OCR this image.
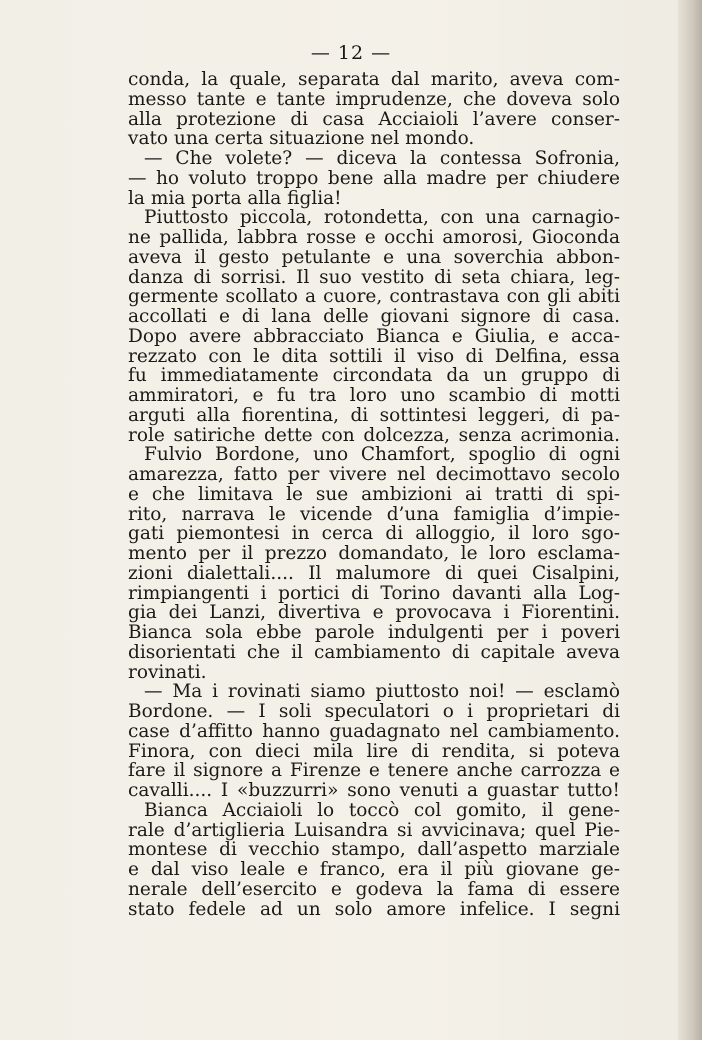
— 12 —
conda, la quale, separata dal marito, aveva com-
messo tante e tante imprudenze, che doveva solo
alla protezione di casa Acciaioli l’avere conser-
vato una certa situazione nel mondo.
— Che volete? — diceva la contessa Sofronia,
— ho voluto troppo bene alla madre per chiudere
la mia porta alla figlia!
Piuttosto piccola, rotondetta, con una carnagio-
ne pallida, labbra rosse e occhi amorosi, Gioconda
aveva il gesto petulante e una soverchia abbon-
danza di sorrisi. Il suo vestito di seta chiara, leg-
germente scollato a cuore, contrastava con gli abiti
accollati e di lana delle giovani signore di casa.
Dopo avere abbracciato Bianca e Giulia, e acca-
rezzato con le dita sottili il viso di Delfina, essa
fu immediatamente circondata da un gruppo di
ammiratori, e fu tra loro uno scambio di motti
arguti alla fiorentina, di sottintesi leggeri, di pa-
role satiriche dette con dolcezza, senza acrimonia.
Fulvio Bordone, uno Chamfort, spoglio di ogni
amarezza, fatto per vivere nel decimottavo secolo
e che limitava le sue ambizioni ai tratti di spi-
rito, narrava le vicende d’una famiglia d’impie-
gati piemontesi in cerca di alloggio, il loro sgo-
mento per il prezzo domandato, le loro esclama-
zioni dialettali.... Il malumore di quei Cisalpini,
rimpiangenti i portici di Torino davanti alla Log-
gia dei Lanzi, divertiva e provocava i Fiorentini.
Bianca sola ebbe parole indulgenti per i poveri
disorientati che il cambiamento di capitale aveva
rovinati.
— Ma i rovinati siamo piuttosto noi! — esclamò
Bordone. — I soli speculatori o i proprietari di
case d’affitto hanno guadagnato nel cambiamento.
Finora, con dieci mila lire di rendita, si poteva
fare il signore a Firenze e tenere anche carrozza e
cavalli.... I «buzzurri» sono venuti a guastar tutto!
Bianca Acciaioli lo toccò col gomito, il gene-
rale d’artiglieria Luisandra si avvicinava; quel Pie-
montese di vecchio stampo, dall’aspetto marziale
e dal viso leale e franco, era il più giovane ge-
nerale dell’esercito e godeva la fama di essere
stato fedele ad un solo amore infelice. I segni
